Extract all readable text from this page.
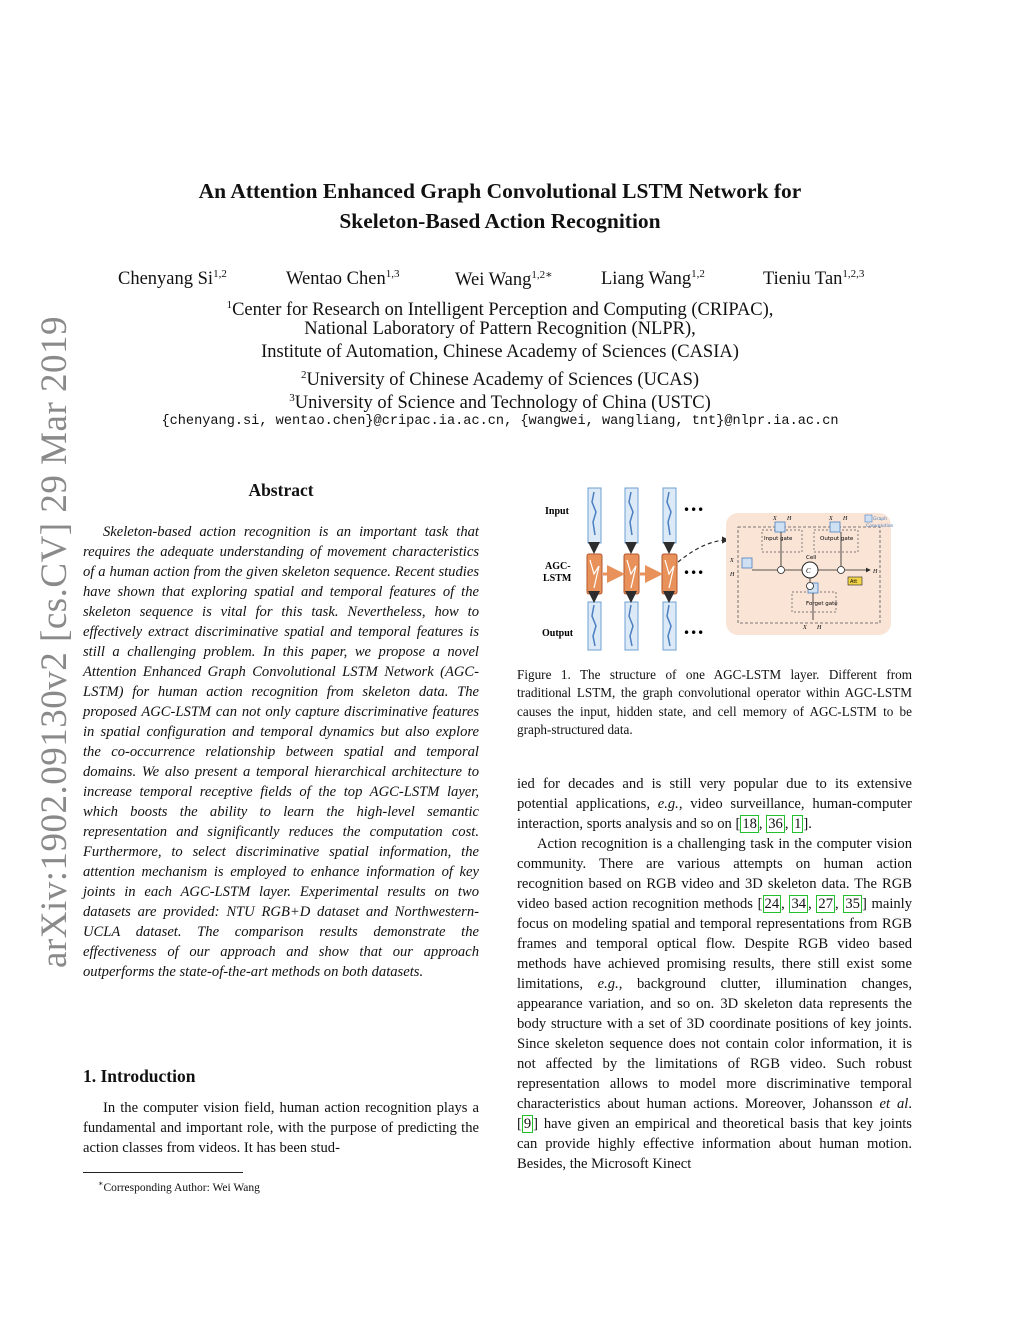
arXiv:1902.09130v2 [cs.CV] 29 Mar 2019
An Attention Enhanced Graph Convolutional LSTM Network for
Skeleton-Based Action Recognition
Chenyang Si$^{1,2}$	Wentao Chen$^{1,3}$	Wei Wang$^{1,2∗}$	Liang Wang$^{1,2}$	Tieniu Tan$^{1,2,3}$
$^1$Center for Research on Intelligent Perception and Computing (CRIPAC),
National Laboratory of Pattern Recognition (NLPR),
Institute of Automation, Chinese Academy of Sciences (CASIA)
$^2$University of Chinese Academy of Sciences (UCAS)
$^3$University of Science and Technology of China (USTC)
{chenyang.si, wentao.chen}@cripac.ia.ac.cn, {wangwei, wangliang, tnt}@nlpr.ia.ac.cn
Abstract

Skeleton-based action recognition is an important task that requires the adequate understanding of movement characteristics of a human action from the given skeleton sequence. Recent studies have shown that exploring spatial and temporal features of the skeleton sequence is vital for this task. Nevertheless, how to effectively extract discriminative spatial and temporal features is still a challenging problem. In this paper, we propose a novel Attention Enhanced Graph Convolutional LSTM Network (AGC-LSTM) for human action recognition from skeleton data. The proposed AGC-LSTM can not only capture discriminative features in spatial configuration and temporal dynamics but also explore the co-occurrence relationship between spatial and temporal domains. We also present a temporal hierarchical architecture to increase temporal receptive fields of the top AGC-LSTM layer, which boosts the ability to learn the high-level semantic representation and significantly reduces the computation cost. Furthermore, to select discriminative spatial information, the attention mechanism is employed to enhance information of key joints in each AGC-LSTM layer. Experimental results on two datasets are provided: NTU RGB+D dataset and Northwestern-UCLA dataset. The comparison results demonstrate the effectiveness of our approach and show that our approach outperforms the state-of-the-art methods on both datasets.

1. Introduction

In the computer vision field, human action recognition plays a fundamental and important role, with the purpose of predicting the action classes from videos. It has been stud-

∗Corresponding Author: Wei Wang
Input
AGC-
LSTM
Output
•••
•••
•••
Input gate	Output gate
Forget gate
Cell
C
Att
X H	X H
X
H	H
X H
Graph
Convolution
Figure 1. The structure of one AGC-LSTM layer. Different from traditional LSTM, the graph convolutional operator within AGC-LSTM causes the input, hidden state, and cell memory of AGC-LSTM to be graph-structured data.

ied for decades and is still very popular due to its extensive potential applications, e.g., video surveillance, human-computer interaction, sports analysis and so on [ 18 , 36 , 1 ].

Action recognition is a challenging task in the computer vision community. There are various attempts on human action recognition based on RGB video and 3D skeleton data. The RGB video based action recognition methods [ 24 , 34 , 27 , 35 ] mainly focus on modeling spatial and temporal representations from RGB frames and temporal optical flow. Despite RGB video based methods have achieved promising results, there still exist some limitations, e.g., background clutter, illumination changes, appearance variation, and so on. 3D skeleton data represents the body structure with a set of 3D coordinate positions of key joints. Since skeleton sequence does not contain color information, it is not affected by the limitations of RGB video. Such robust representation allows to model more discriminative temporal characteristics about human actions. Moreover, Johansson et al. [ 9 ] have given an empirical and theoretical basis that key joints can provide highly effective information about human motion. Besides, the Microsoft Kinect
